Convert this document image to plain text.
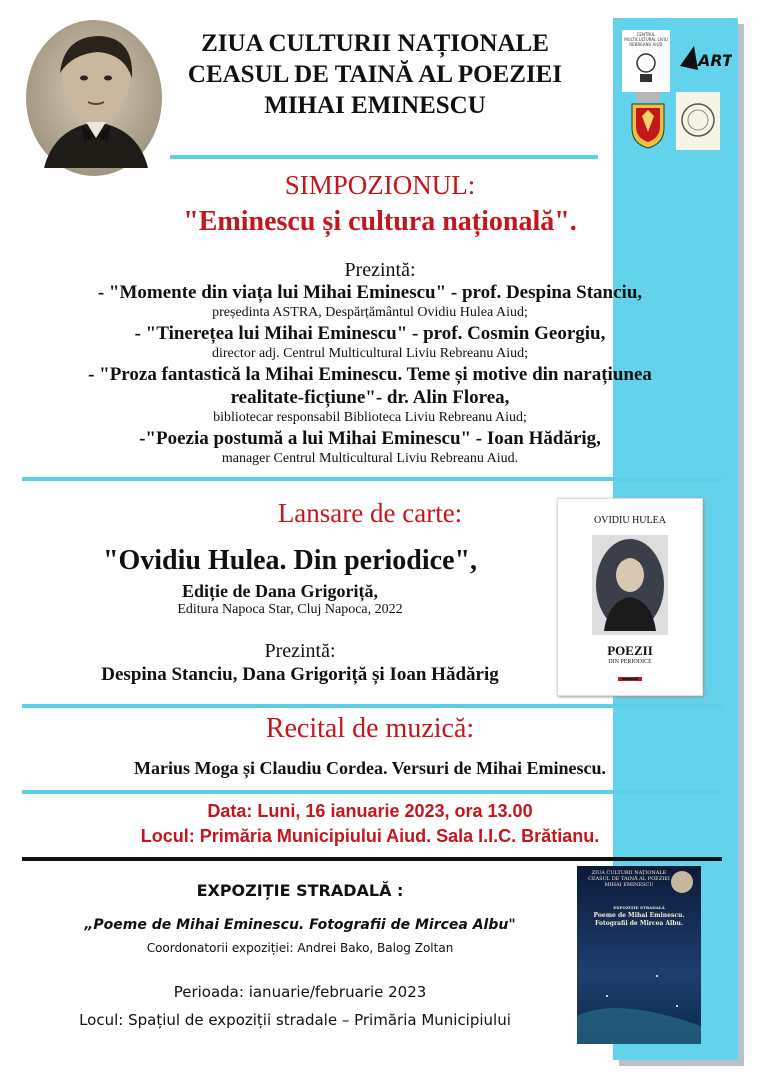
CENTRUL MULTICULTURAL LIVIU REBREANU AIUD
ART
ZIUA CULTURII NAȚIONALE
CEASUL DE TAINĂ AL POEZIEI
MIHAI EMINESCU
SIMPOZIONUL:
"Eminescu și cultura națională".
Prezintă:
- "Momente din viața lui Mihai Eminescu" - prof. Despina Stanciu,
președinta ASTRA, Despărțământul Ovidiu Hulea Aiud;
- "Tinerețea lui Mihai Eminescu" - prof. Cosmin Georgiu,
director adj. Centrul Multicultural Liviu Rebreanu Aiud;
- "Proza fantastică la Mihai Eminescu. Teme și motive din narațiunea
realitate-ficțiune"- dr. Alin Florea,
bibliotecar responsabil Biblioteca Liviu Rebreanu Aiud;
-"Poezia postumă a lui Mihai Eminescu" - Ioan Hădărig,
manager Centrul Multicultural Liviu Rebreanu Aiud.
Lansare de carte:
"Ovidiu Hulea. Din periodice",
Ediție de Dana Grigoriță,
Editura Napoca Star, Cluj Napoca, 2022
Prezintă:
Despina Stanciu, Dana Grigoriță și Ioan Hădărig
OVIDIU HULEA
POEZII
DIN PERIODICE
Recital de muzică:
Marius Moga și Claudiu Cordea. Versuri de Mihai Eminescu.
Data: Luni, 16 ianuarie 2023, ora 13.00
Locul: Primăria Municipiului Aiud. Sala I.I.C. Brătianu.
EXPOZIȚIE STRADALĂ :
„Poeme de Mihai Eminescu. Fotografii de Mircea Albu"
Coordonatorii expoziției: Andrei Bako, Balog Zoltan
Perioada: ianuarie/februarie 2023
Locul: Spațiul de expoziții stradale – Primăria Municipiului
ZIUA CULTURII NAȚIONALE
CEASUL DE TAINĂ AL POEZIEI
MIHAI EMINESCU
EXPOZIȚIE STRADALĂ
Poeme de Mihai Eminescu.
Fotografii de Mircea Albu.
